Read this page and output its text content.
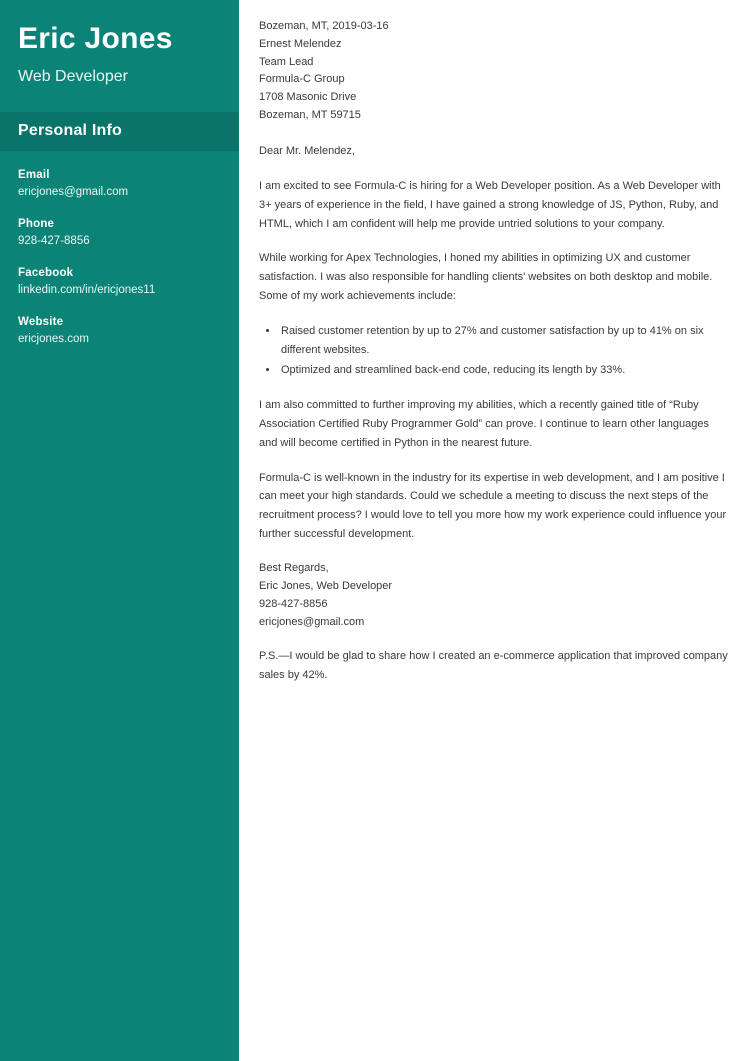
Eric Jones

Web Developer

Personal Info
Email
ericjones@gmail.com
Phone
928-427-8856
Facebook
linkedin.com/in/ericjones11
Website
ericjones.com
Bozeman, MT, 2019-03-16
Ernest Melendez
Team Lead
Formula-C Group
1708 Masonic Drive
Bozeman, MT 59715
Dear Mr. Melendez,

I am excited to see Formula-C is hiring for a Web Developer position. As a Web Developer with 3+ years of experience in the field, I have gained a strong knowledge of JS, Python, Ruby, and HTML, which I am confident will help me provide untried solutions to your company.

While working for Apex Technologies, I honed my abilities in optimizing UX and customer satisfaction. I was also responsible for handling clients' websites on both desktop and mobile. Some of my work achievements include:

• Raised customer retention by up to 27% and customer satisfaction by up to 41% on six different websites.
• Optimized and streamlined back-end code, reducing its length by 33%.

I am also committed to further improving my abilities, which a recently gained title of “Ruby Association Certified Ruby Programmer Gold” can prove. I continue to learn other languages and will become certified in Python in the nearest future.

Formula-C is well-known in the industry for its expertise in web development, and I am positive I can meet your high standards. Could we schedule a meeting to discuss the next steps of the recruitment process? I would love to tell you more how my work experience could influence your further successful development.

Best Regards,
Eric Jones, Web Developer
928-427-8856
ericjones@gmail.com

P.S.—I would be glad to share how I created an e-commerce application that improved company sales by 42%.
